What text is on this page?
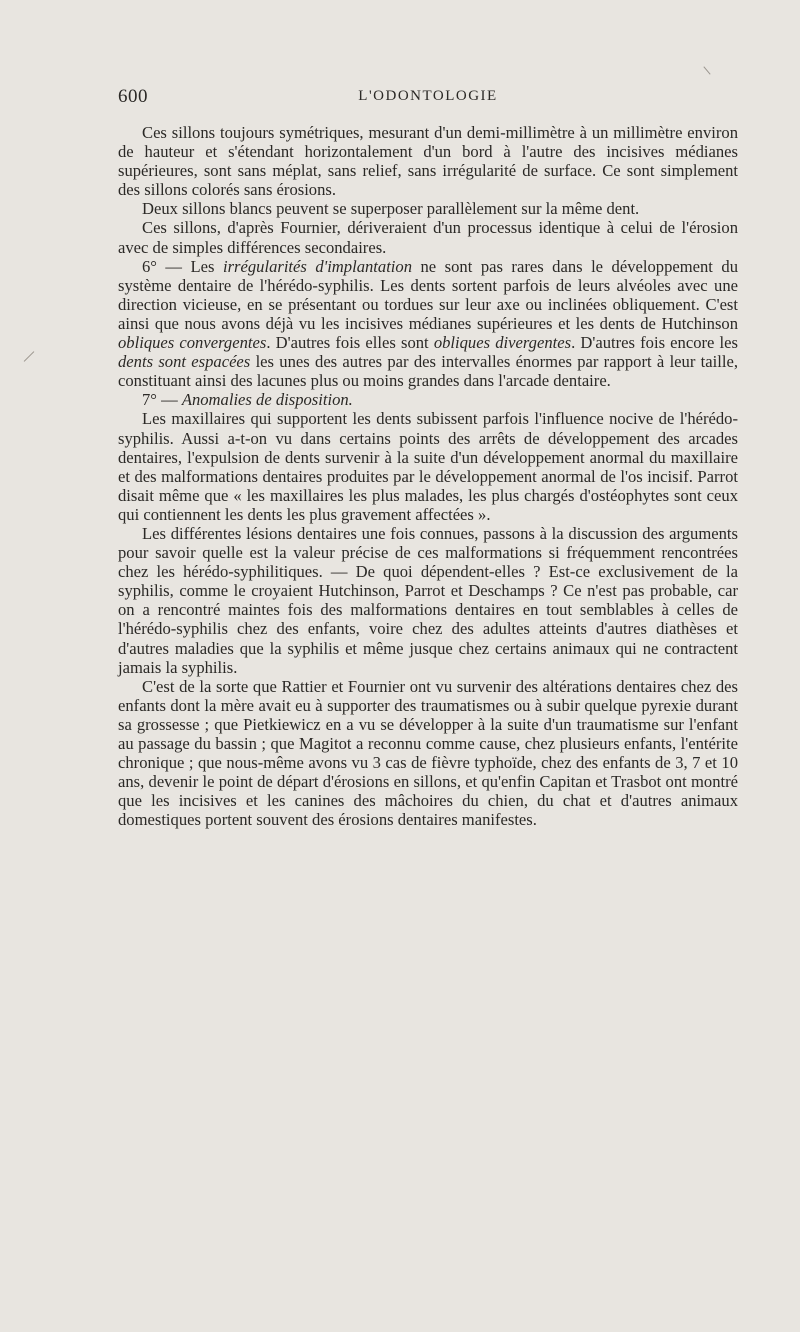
600	L'ODONTOLOGIE

Ces sillons toujours symétriques, mesurant d'un demi-millimètre à un millimètre environ de hauteur et s'étendant horizontalement d'un bord à l'autre des incisives médianes supérieures, sont sans méplat, sans relief, sans irrégularité de surface. Ce sont simplement des sillons colorés sans érosions.

Deux sillons blancs peuvent se superposer parallèlement sur la même dent.

Ces sillons, d'après Fournier, dériveraient d'un processus identique à celui de l'érosion avec de simples différences secondaires.

6° — Les irrégularités d'implantation ne sont pas rares dans le développement du système dentaire de l'hérédo-syphilis. Les dents sortent parfois de leurs alvéoles avec une direction vicieuse, en se présentant ou tordues sur leur axe ou inclinées obliquement. C'est ainsi que nous avons déjà vu les incisives médianes supérieures et les dents de Hutchinson obliques convergentes. D'autres fois elles sont obliques divergentes. D'autres fois encore les dents sont espacées les unes des autres par des intervalles énormes par rapport à leur taille, constituant ainsi des lacunes plus ou moins grandes dans l'arcade dentaire.

7° — Anomalies de disposition.

Les maxillaires qui supportent les dents subissent parfois l'influence nocive de l'hérédo-syphilis. Aussi a-t-on vu dans certains points des arrêts de développement des arcades dentaires, l'expulsion de dents survenir à la suite d'un développement anormal du maxillaire et des malformations dentaires produites par le développement anormal de l'os incisif. Parrot disait même que « les maxillaires les plus malades, les plus chargés d'ostéophytes sont ceux qui contiennent les dents les plus gravement affectées ».

Les différentes lésions dentaires une fois connues, passons à la discussion des arguments pour savoir quelle est la valeur précise de ces malformations si fréquemment rencontrées chez les hérédo-syphilitiques. — De quoi dépendent-elles ? Est-ce exclusivement de la syphilis, comme le croyaient Hutchinson, Parrot et Deschamps ? Ce n'est pas probable, car on a rencontré maintes fois des malformations dentaires en tout semblables à celles de l'hérédo-syphilis chez des enfants, voire chez des adultes atteints d'autres diathèses et d'autres maladies que la syphilis et même jusque chez certains animaux qui ne contractent jamais la syphilis.

C'est de la sorte que Rattier et Fournier ont vu survenir des altérations dentaires chez des enfants dont la mère avait eu à supporter des traumatismes ou à subir quelque pyrexie durant sa grossesse ; que Pietkiewicz en a vu se développer à la suite d'un traumatisme sur l'enfant au passage du bassin ; que Magitot a reconnu comme cause, chez plusieurs enfants, l'entérite chronique ; que nous-même avons vu 3 cas de fièvre typhoïde, chez des enfants de 3, 7 et 10 ans, devenir le point de départ d'érosions en sillons, et qu'enfin Capitan et Trasbot ont montré que les incisives et les canines des mâchoires du chien, du chat et d'autres animaux domestiques portent souvent des érosions dentaires manifestes.
